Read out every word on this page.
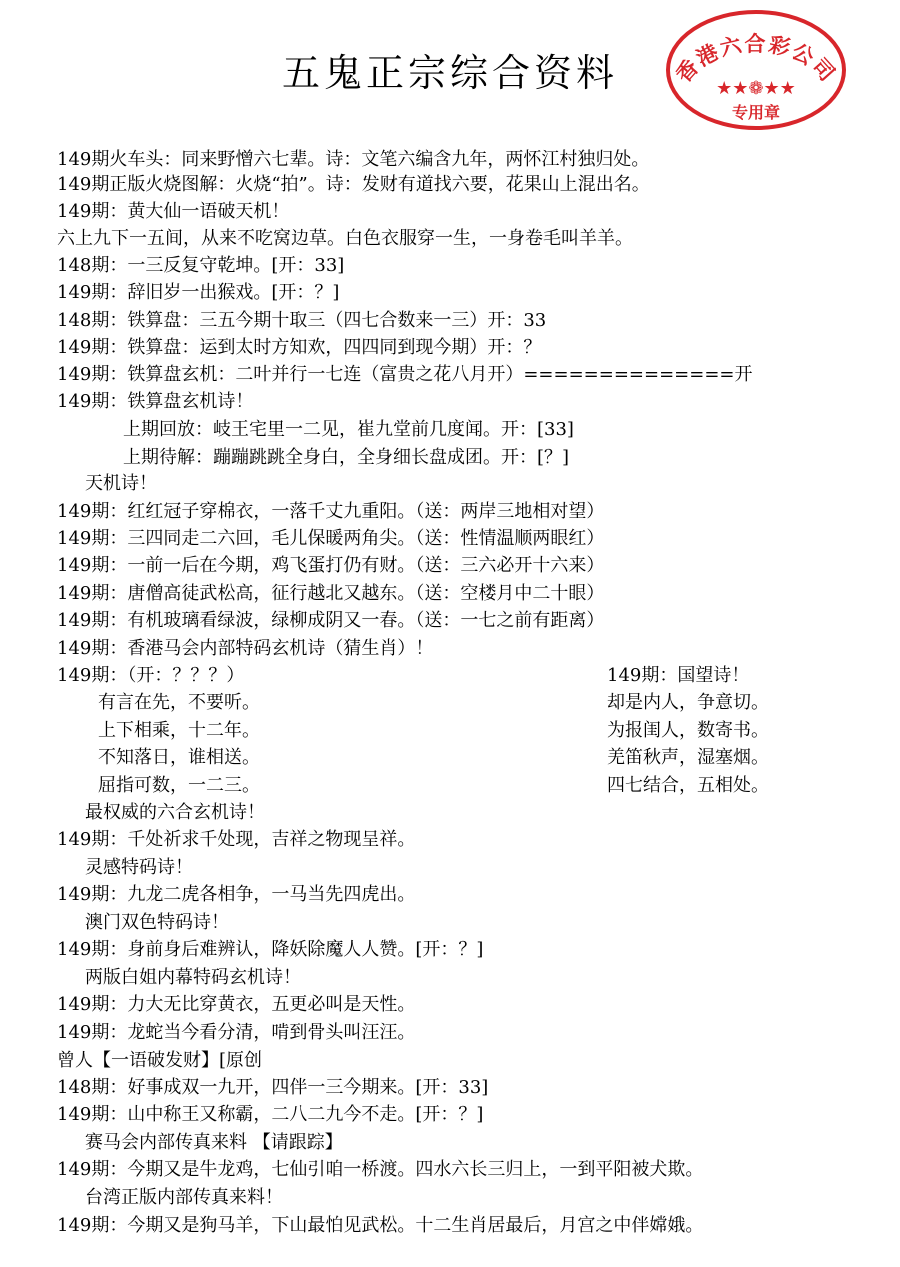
五鬼正宗综合资料	香港六合彩公司
★★❁★★
专用章
149期火车头：同来野憎六七辈。诗：文笔六编含九年，两怀江村独归处。
149期正版火烧图解：火烧“拍”。诗：发财有道找六要，花果山上混出名。
149期：黄大仙一语破天机！
六上九下一五间，从来不吃窝边草。白色衣服穿一生，一身卷毛叫羊羊。
148期：一三反复守乾坤。[开：33]
149期：辞旧岁一出猴戏。[开：？]
148期：铁算盘：三五今期十取三（四七合数来一三）开：33
149期：铁算盘：运到太时方知欢，四四同到现今期）开：？
149期：铁算盘玄机：二叶并行一七连（富贵之花八月开）==============开
149期：铁算盘玄机诗！
上期回放：岐王宅里一二见，崔九堂前几度闻。开：[33]
上期待解：蹦蹦跳跳全身白，全身细长盘成团。开：[？]
天机诗！
149期：红红冠子穿棉衣，一落千丈九重阳。（送：两岸三地相对望）
149期：三四同走二六回，毛儿保暖两角尖。（送：性情温顺两眼红）
149期：一前一后在今期，鸡飞蛋打仍有财。（送：三六必开十六来）
149期：唐僧高徒武松高，征行越北又越东。（送：空楼月中二十眼）
149期：有机玻璃看绿波，绿柳成阴又一春。（送：一七之前有距离）
149期：香港马会内部特码玄机诗（猜生肖）！
149期：（开：？？？）
有言在先，不要听。
上下相乘，十二年。
不知落日，谁相送。
屈指可数，一二三。
最权威的六合玄机诗！
149期：千处祈求千处现，吉祥之物现呈祥。
灵感特码诗！
149期：九龙二虎各相争，一马当先四虎出。
澳门双色特码诗！
149期：身前身后难辨认，降妖除魔人人赞。[开：？]
两版白姐内幕特码玄机诗！
149期：力大无比穿黄衣，五更必叫是天性。
149期：龙蛇当今看分清，啃到骨头叫汪汪。
曾人【一语破发财】[原创
148期：好事成双一九开，四伴一三今期来。[开：33]
149期：山中称王又称霸，二八二九今不走。[开：？]
赛马会内部传真来料 【请跟踪】
149期：今期又是牛龙鸡，七仙引咱一桥渡。四水六长三归上，一到平阳被犬欺。
台湾正版内部传真来料！
149期：今期又是狗马羊，下山最怕见武松。十二生肖居最后，月宫之中伴嫦娥。
149期：国望诗！
却是内人，争意切。
为报闺人，数寄书。
羌笛秋声，湿塞烟。
四七结合，五相处。
